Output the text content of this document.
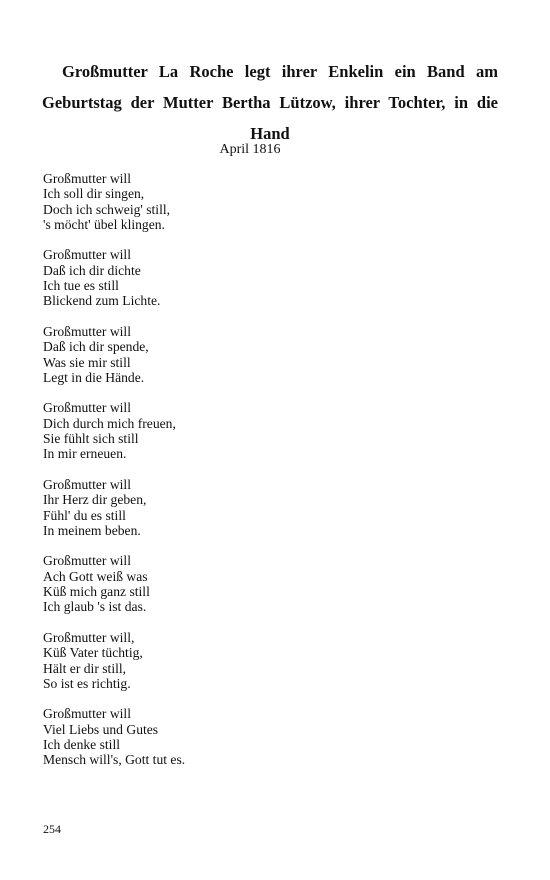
Großmutter La Roche legt ihrer Enkelin ein Band am Geburtstag der Mutter Bertha Lützow, ihrer Tochter, in die Hand
April 1816
Großmutter will
Ich soll dir singen,
Doch ich schweig' still,
's möcht' übel klingen.
Großmutter will
Daß ich dir dichte
Ich tue es still
Blickend zum Lichte.
Großmutter will
Daß ich dir spende,
Was sie mir still
Legt in die Hände.
Großmutter will
Dich durch mich freuen,
Sie fühlt sich still
In mir erneuen.
Großmutter will
Ihr Herz dir geben,
Fühl' du es still
In meinem beben.
Großmutter will
Ach Gott weiß was
Küß mich ganz still
Ich glaub 's ist das.
Großmutter will,
Küß Vater tüchtig,
Hält er dir still,
So ist es richtig.
Großmutter will
Viel Liebs und Gutes
Ich denke still
Mensch will's, Gott tut es.
254
